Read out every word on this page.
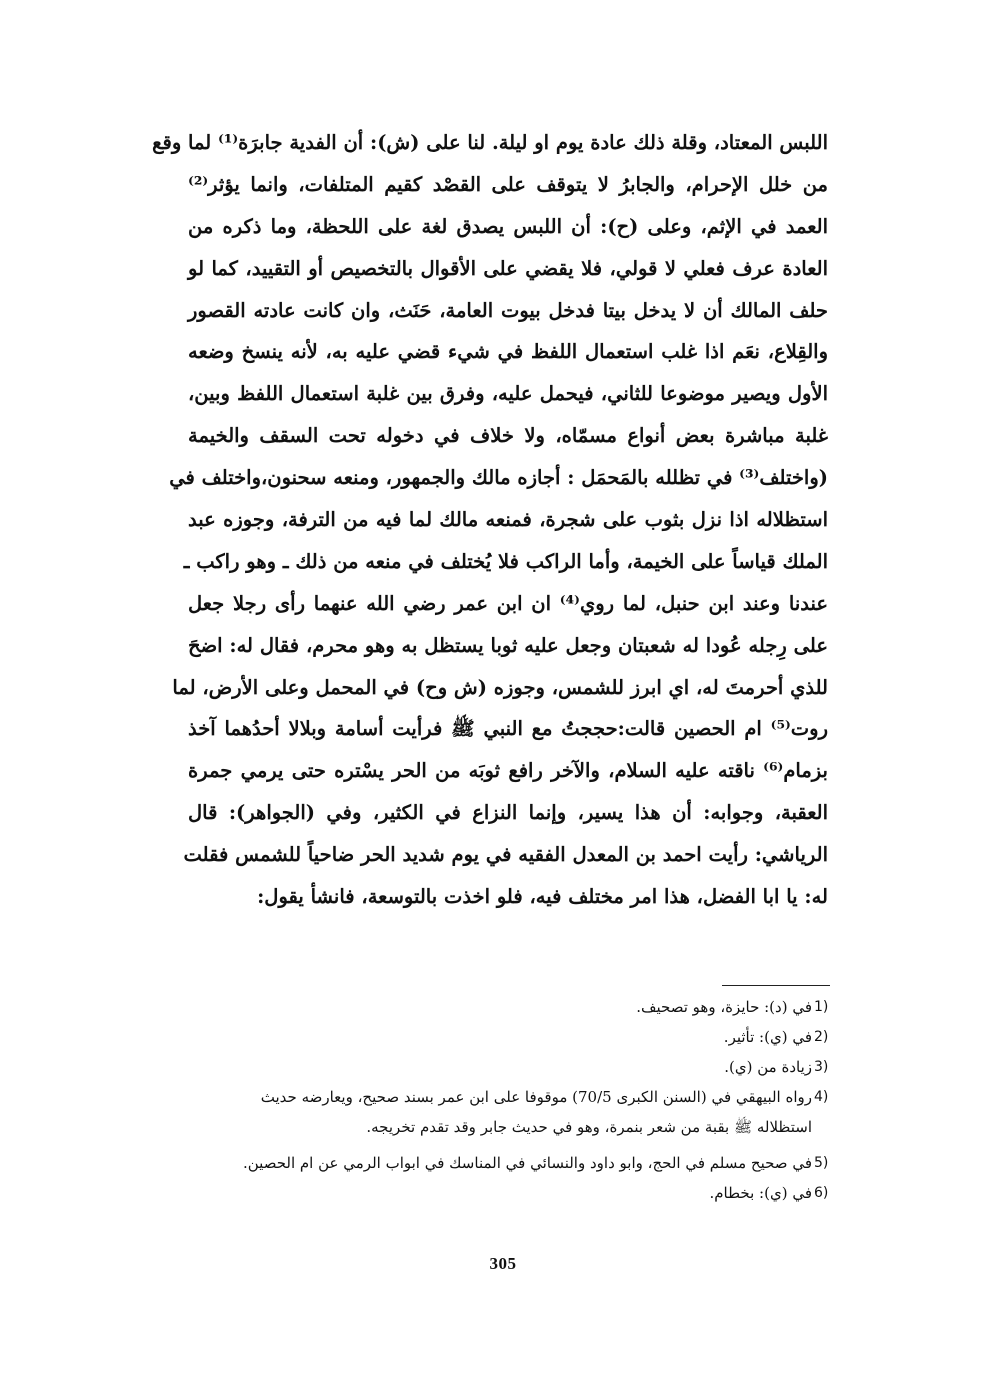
اللبس المعتاد، وقلة ذلك عادة يوم او ليلة. لنا على (ش): أن الفدية جابرَة⁽¹⁾ لما وقع
من خلل الإحرام، والجابرُ لا يتوقف على القصْد كقيم المتلفات، وانما يؤثر⁽²⁾
العمد في الإثم، وعلى (ح): أن اللبس يصدق لغة على اللحظة، وما ذكره من
العادة عرف فعلي لا قولي، فلا يقضي على الأقوال بالتخصيص أو التقييد، كما لو
حلف المالك أن لا يدخل بيتا فدخل بيوت العامة، حَنَث، وان كانت عادته القصور
والقِلاع، نعَم اذا غلب استعمال اللفظ في شيء قضي عليه به، لأنه ينسخ وضعه
الأول ويصير موضوعا للثاني، فيحمل عليه، وفرق بين غلبة استعمال اللفظ وبين،
غلبة مباشرة بعض أنواع مسمّاه، ولا خلاف في دخوله تحت السقف والخيمة
(واختلف⁽³⁾ في تظلله بالمَحمَل : أجازه مالك والجمهور، ومنعه سحنون،واختلف في
استظلاله اذا نزل بثوب على شجرة، فمنعه مالك لما فيه من الترفة، وجوزه عبد
الملك قياساً على الخيمة، وأما الراكب فلا يُختلف في منعه من ذلك ـ وهو راكب ـ
عندنا وعند ابن حنبل، لما روي⁽⁴⁾ ان ابن عمر رضي الله عنهما رأى رجلا جعل
على رِجله عُودا له شعبتان وجعل عليه ثوبا يستظل به وهو محرم، فقال له: اضحَ
للذي أحرمتَ له، اي ابرز للشمس، وجوزه (ش وح) في المحمل وعلى الأرض، لما
روت⁽⁵⁾ ام الحصين قالت:حججتُ مع النبي ﷺ فرأيت أسامة وبلالا أحدُهما آخذ
بزمام⁽⁶⁾ ناقته عليه السلام، والآخر رافع ثوبَه من الحر يسْتره حتى يرمي جمرة
العقبة، وجوابه: أن هذا يسير، وإنما النزاع في الكثير، وفي (الجواهر): قال
الرياشي: رأيت احمد بن المعدل الفقيه في يوم شديد الحر ضاحياً للشمس فقلت
له: يا ابا الفضل، هذا امر مختلف فيه، فلو اخذت بالتوسعة، فانشأ يقول:
1)
في (د): حايزة، وهو تصحيف.
2)
في (ي): تأثير.
3)
زيادة من (ي).
4)
رواه البيهقي في (السنن الكبرى 70/5) موقوفا على ابن عمر بسند صحيح، ويعارضه حديث
استظلاله ﷺ بقبة من شعر بنمرة، وهو في حديث جابر وقد تقدم تخريجه.
5)
في صحيح مسلم في الحج، وابو داود والنسائي في المناسك في ابواب الرمي عن ام الحصين.
6)
في (ي): بخطام.
305
